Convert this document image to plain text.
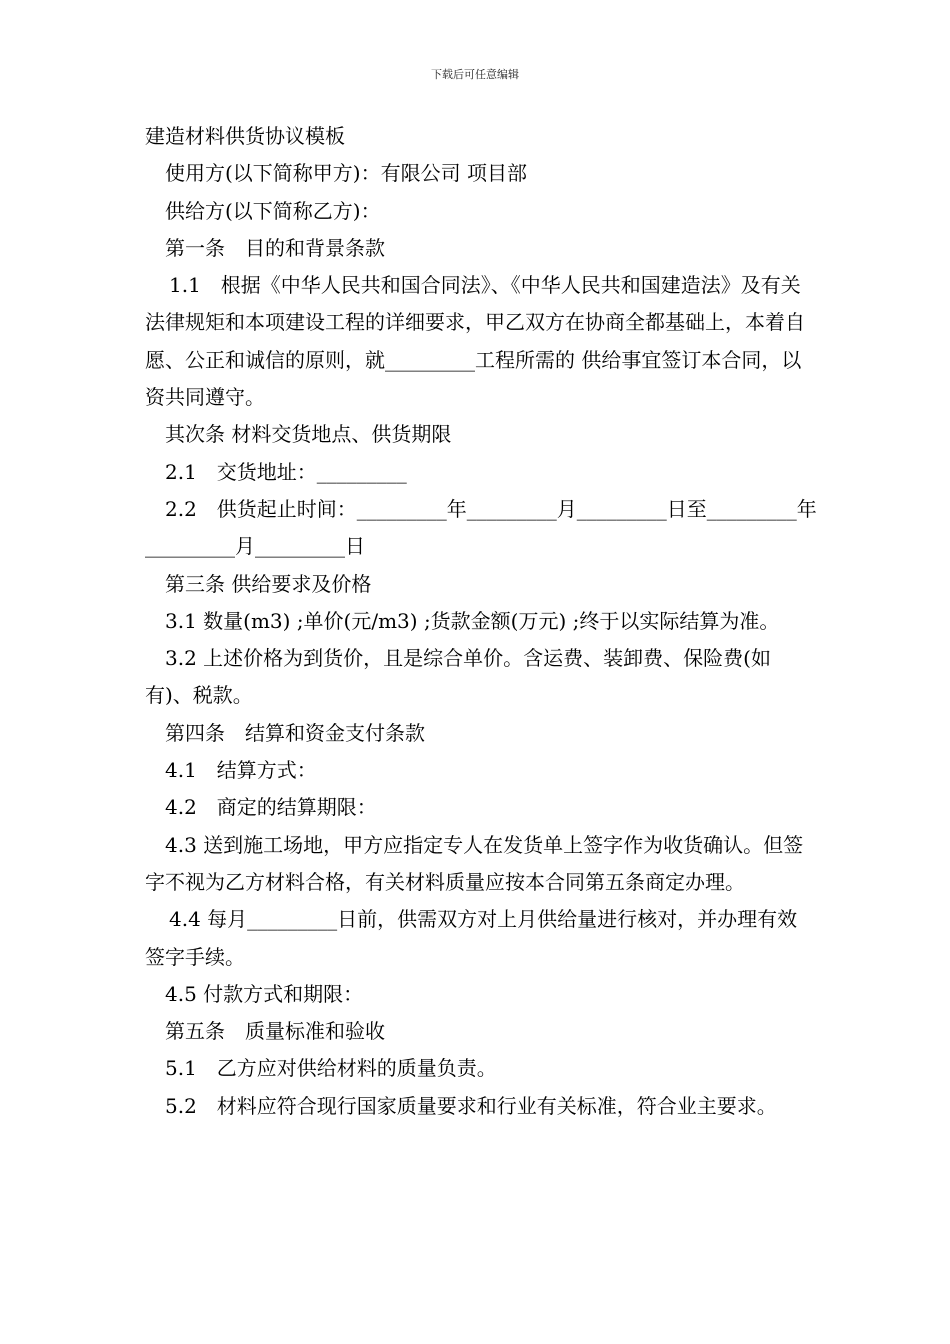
下载后可任意编辑

建造材料供货协议模板

使用方(以下简称甲方)：有限公司 项目部

供给方(以下简称乙方)：

第一条　目的和背景条款

1.1　根据《中华人民共和国合同法》、《中华人民共和国建造法》及有关法律规矩和本项建设工程的详细要求，甲乙双方在协商全都基础上，本着自愿、公正和诚信的原则，就_________工程所需的 供给事宜签订本合同，以资共同遵守。

其次条 材料交货地点、供货期限

2.1　交货地址：_________

2.2　供货起止时间：_________年_________月_________日至_________年_________月_________日

第三条 供给要求及价格

3.1 数量(m3) ;单价(元/m3) ;货款金额(万元) ;终于以实际结算为准。

3.2 上述价格为到货价，且是综合单价。含运费、装卸费、保险费(如有)、税款。

第四条　结算和资金支付条款

4.1　结算方式：

4.2　商定的结算期限：

4.3 送到施工场地，甲方应指定专人在发货单上签字作为收货确认。但签字不视为乙方材料合格，有关材料质量应按本合同第五条商定办理。

4.4 每月_________日前，供需双方对上月供给量进行核对，并办理有效签字手续。

4.5 付款方式和期限：

第五条　质量标准和验收

5.1　乙方应对供给材料的质量负责。

5.2　材料应符合现行国家质量要求和行业有关标准，符合业主要求。
